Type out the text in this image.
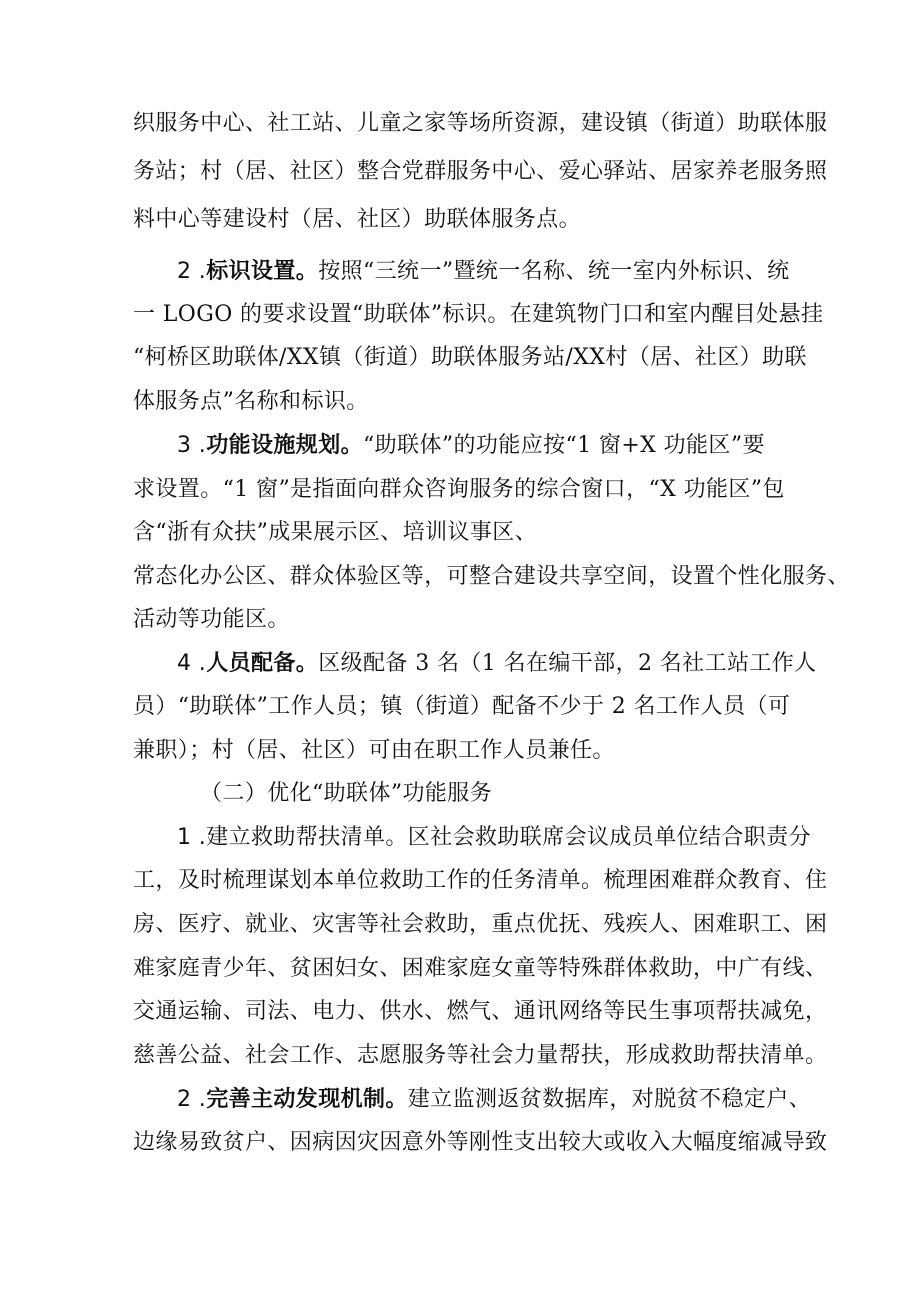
织服务中心、社工站、儿童之家等场所资源，建设镇（街道）助联体服
务站；村（居、社区）整合党群服务中心、爱心驿站、居家养老服务照
料中心等建设村（居、社区）助联体服务点。
2 .标识设置。按照“三统一”暨统一名称、统一室内外标识、统
一 LOGO 的要求设置“助联体”标识。在建筑物门口和室内醒目处悬挂
“柯桥区助联体/XX镇（街道）助联体服务站/XX村（居、社区）助联
体服务点”名称和标识。
3 .功能设施规划。“助联体”的功能应按“1 窗+X 功能区”要
求设置。“1 窗”是指面向群众咨询服务的综合窗口，“X 功能区”包
含“浙有众扶”成果展示区、培训议事区、
常态化办公区、群众体验区等，可整合建设共享空间，设置个性化服务、
活动等功能区。
4 .人员配备。区级配备 3 名（1 名在编干部，2 名社工站工作人
员）“助联体”工作人员；镇（街道）配备不少于 2 名工作人员（可
兼职）；村（居、社区）可由在职工作人员兼任。
（二）优化“助联体”功能服务
1 .建立救助帮扶清单。区社会救助联席会议成员单位结合职责分
工，及时梳理谋划本单位救助工作的任务清单。梳理困难群众教育、住
房、医疗、就业、灾害等社会救助，重点优抚、残疾人、困难职工、困
难家庭青少年、贫困妇女、困难家庭女童等特殊群体救助，中广有线、
交通运输、司法、电力、供水、燃气、通讯网络等民生事项帮扶减免，
慈善公益、社会工作、志愿服务等社会力量帮扶，形成救助帮扶清单。
2 .完善主动发现机制。建立监测返贫数据库，对脱贫不稳定户、
边缘易致贫户、因病因灾因意外等刚性支出较大或收入大幅度缩减导致
